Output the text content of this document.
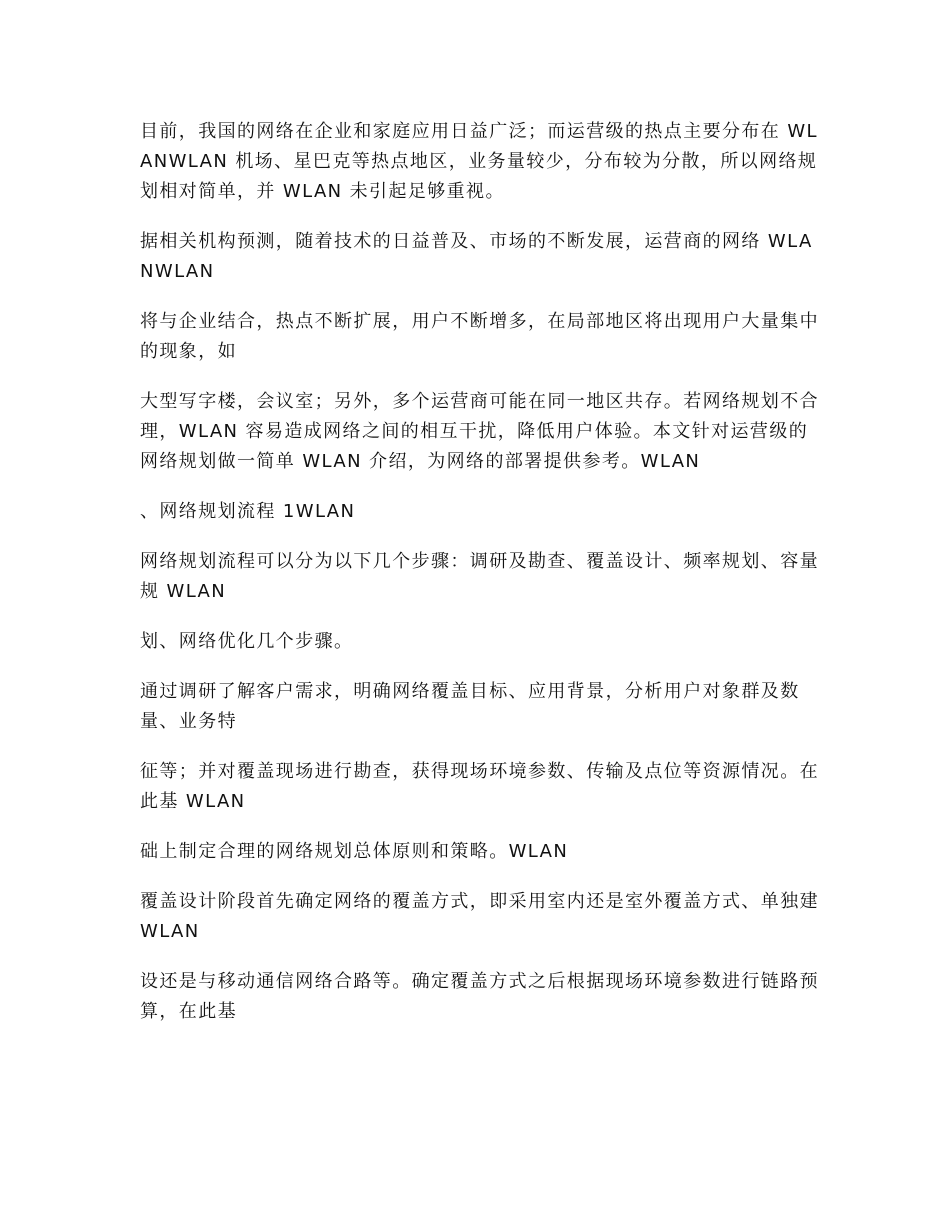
目前，我国的网络在企业和家庭应用日益广泛；而运营级的热点主要分布在 WLANWLAN 机场、星巴克等热点地区，业务量较少，分布较为分散，所以网络规划相对简单，并 WLAN 未引起足够重视。

据相关机构预测，随着技术的日益普及、市场的不断发展，运营商的网络 WLANWLAN

将与企业结合，热点不断扩展，用户不断增多，在局部地区将出现用户大量集中的现象，如

大型写字楼，会议室；另外，多个运营商可能在同一地区共存。若网络规划不合理，WLAN 容易造成网络之间的相互干扰，降低用户体验。本文针对运营级的网络规划做一简单 WLAN 介绍，为网络的部署提供参考。WLAN

、网络规划流程 1WLAN

网络规划流程可以分为以下几个步骤：调研及勘查、覆盖设计、频率规划、容量规 WLAN

划、网络优化几个步骤。

通过调研了解客户需求，明确网络覆盖目标、应用背景，分析用户对象群及数量、业务特

征等；并对覆盖现场进行勘查，获得现场环境参数、传输及点位等资源情况。在此基 WLAN

础上制定合理的网络规划总体原则和策略。WLAN

覆盖设计阶段首先确定网络的覆盖方式，即采用室内还是室外覆盖方式、单独建 WLAN

设还是与移动通信网络合路等。确定覆盖方式之后根据现场环境参数进行链路预算，在此基
